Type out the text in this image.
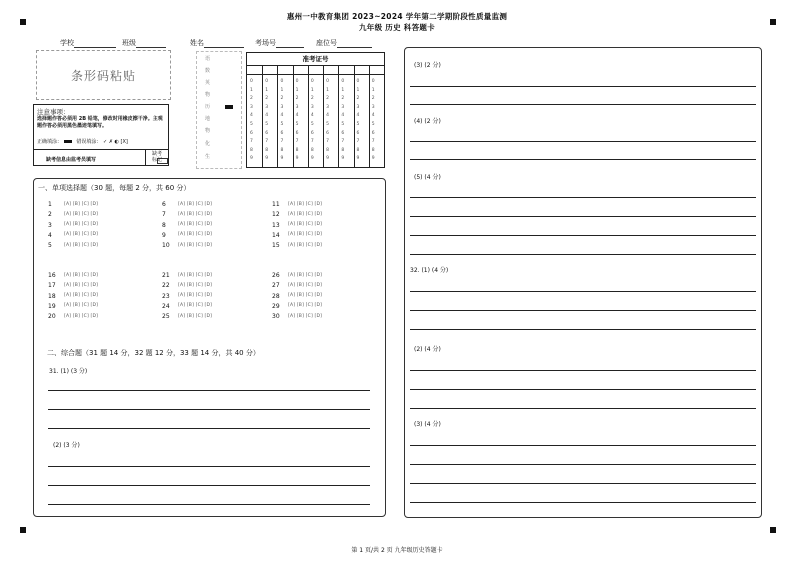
惠州一中教育集团 2023~2024 学年第二学期阶段性质量监测
九年级 历史 科答题卡
学校	班级	姓名	考场号	座位号
条形码粘贴
注意事项：
选择题作答必须用 2B 铅笔，修改时用橡皮擦干净。主观题作答必须用黑色墨迹笔填写。
正确填涂：	错误填涂： ✓ ✗ ◐ [X]
缺考信息由监考员填写
缺考标记
语
数
英
物
历
地
物
化
生
准考证号
0	0	0	0	0	0	0	0	0
1	1	1	1	1	1	1	1	1
2	2	2	2	2	2	2	2	2
3	3	3	3	3	3	3	3	3
4	4	4	4	4	4	4	4	4
5	5	5	5	5	5	5	5	5
6	6	6	6	6	6	6	6	6
7	7	7	7	7	7	7	7	7
8	8	8	8	8	8	8	8	8
9	9	9	9	9	9	9	9	9
一、单项选择题（30 题，每题 2 分，共 60 分）
1	[A] [B] [C] [D]
2	[A] [B] [C] [D]
3	[A] [B] [C] [D]
4	[A] [B] [C] [D]
5	[A] [B] [C] [D]
6	[A] [B] [C] [D]
7	[A] [B] [C] [D]
8	[A] [B] [C] [D]
9	[A] [B] [C] [D]
10	[A] [B] [C] [D]
11	[A] [B] [C] [D]
12	[A] [B] [C] [D]
13	[A] [B] [C] [D]
14	[A] [B] [C] [D]
15	[A] [B] [C] [D]
16	[A] [B] [C] [D]
17	[A] [B] [C] [D]
18	[A] [B] [C] [D]
19	[A] [B] [C] [D]
20	[A] [B] [C] [D]
21	[A] [B] [C] [D]
22	[A] [B] [C] [D]
23	[A] [B] [C] [D]
24	[A] [B] [C] [D]
25	[A] [B] [C] [D]
26	[A] [B] [C] [D]
27	[A] [B] [C] [D]
28	[A] [B] [C] [D]
29	[A] [B] [C] [D]
30	[A] [B] [C] [D]
二、综合题（31 题 14 分，32 题 12 分，33 题 14 分，共 40 分）
31. (1) (3 分)
(2) (3 分)
(3) (2 分)
(4) (2 分)
(5) (4 分)
32. (1) (4 分)
(2) (4 分)
(3) (4 分)
第 1 页/共 2 页 九年级历史答题卡
